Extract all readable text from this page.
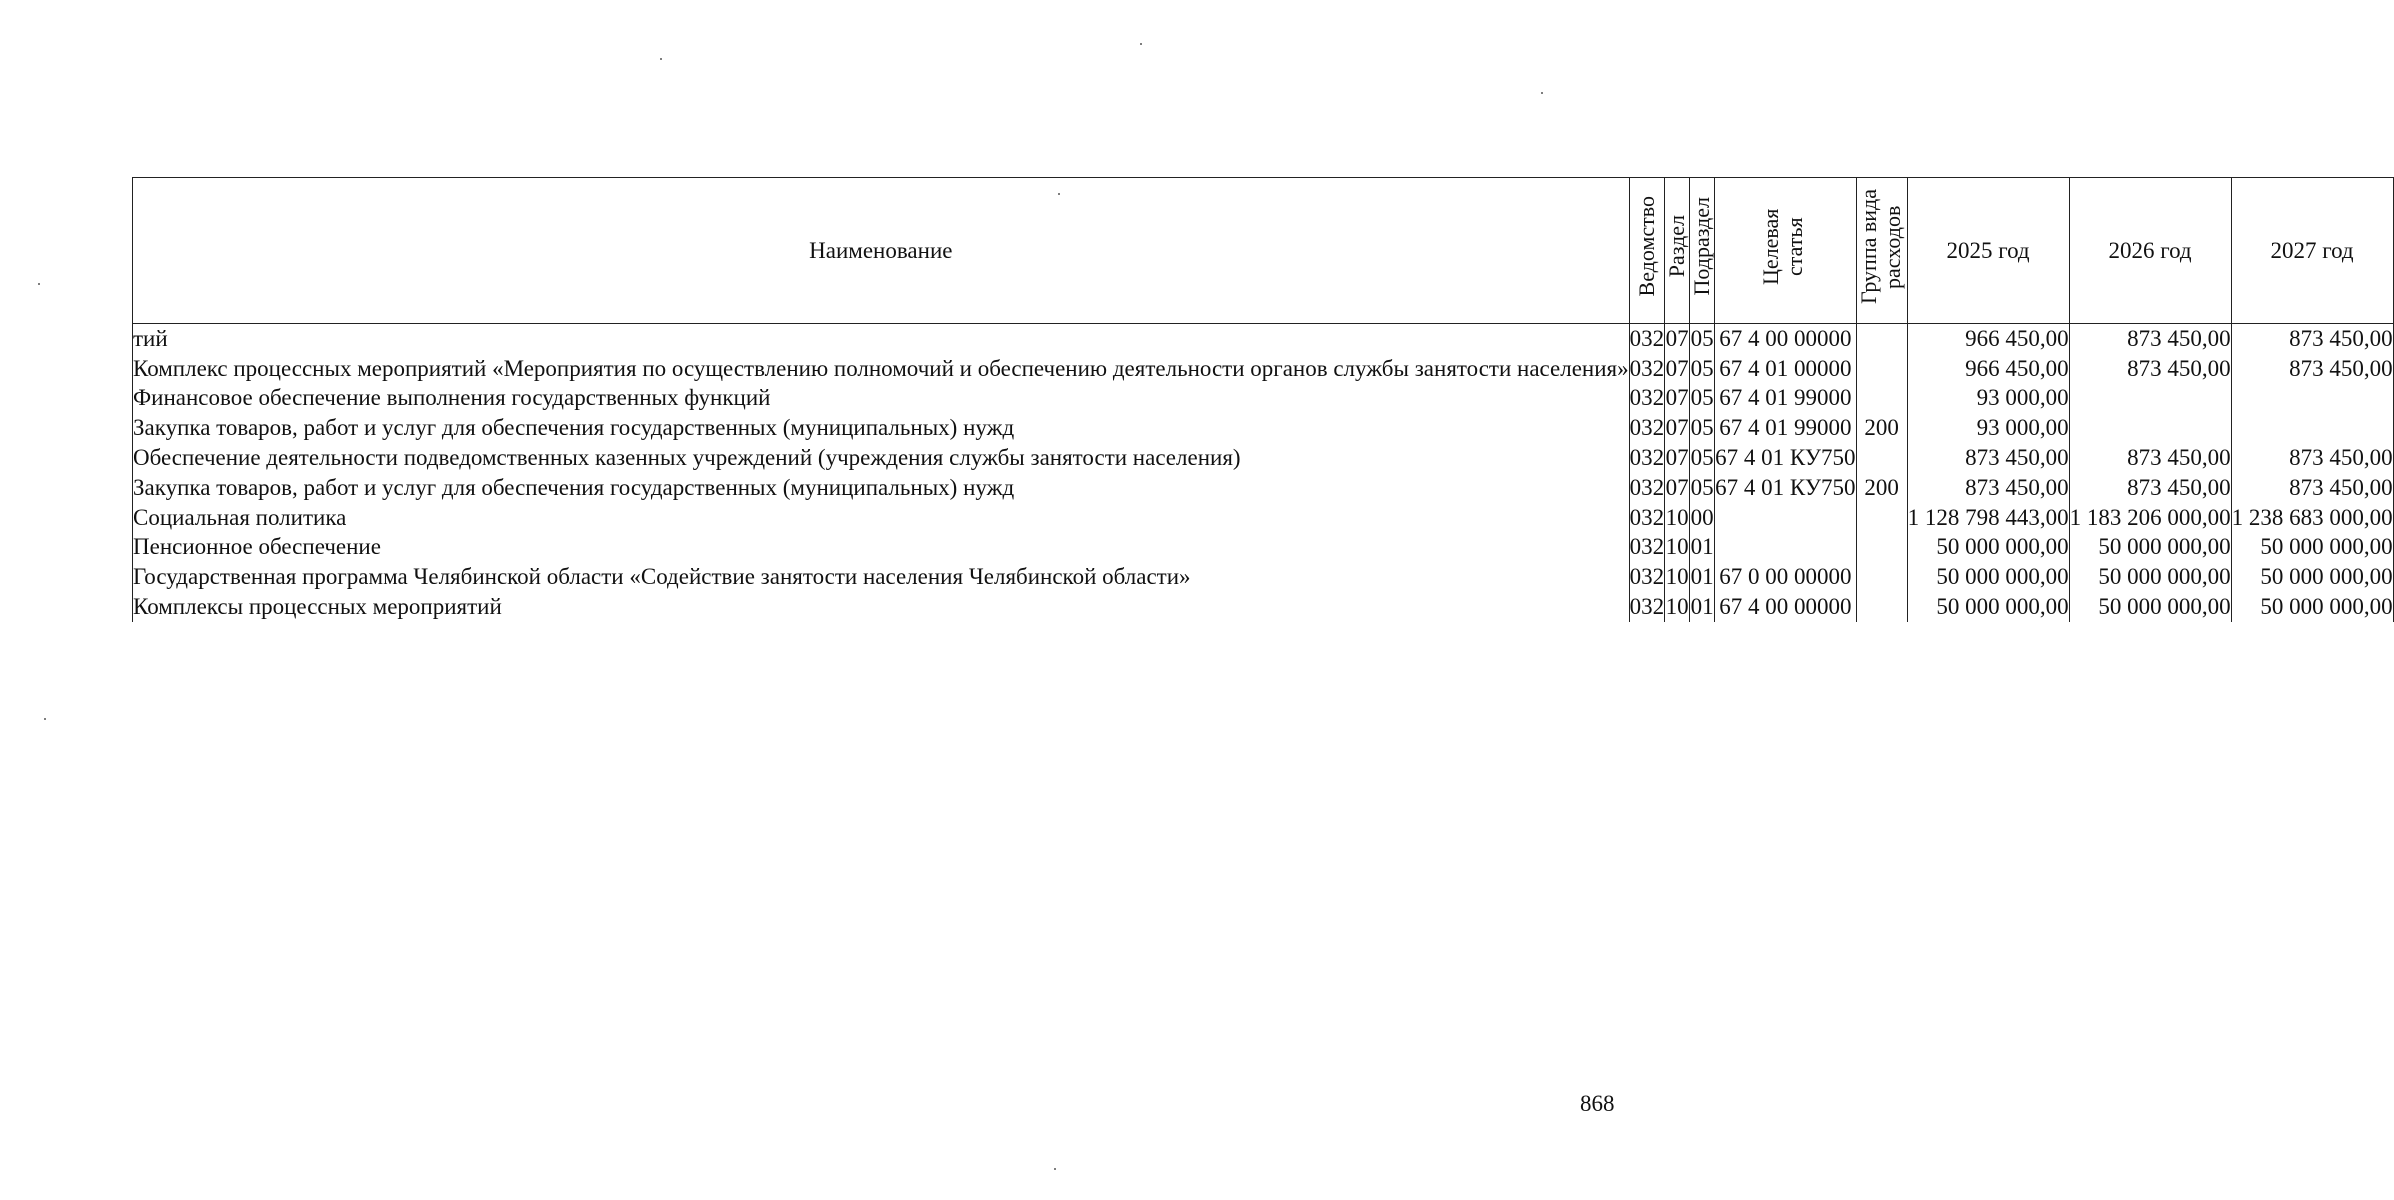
Наименование	Ведомство	Раздел	Подраздел	Целевая статья	Группа вида расходов	2025 год	2026 год	2027 год
тий	032	07	05	67 4 00 00000		966 450,00	873 450,00	873 450,00
Комплекс процессных мероприятий «Мероприятия по осуществлению полномочий и обеспечению деятельности органов службы занятости населения»	032	07	05	67 4 01 00000		966 450,00	873 450,00	873 450,00
Финансовое обеспечение выполнения государственных функций	032	07	05	67 4 01 99000		93 000,00		
Закупка товаров, работ и услуг для обеспечения государственных (муниципальных) нужд	032	07	05	67 4 01 99000	200	93 000,00		
Обеспечение деятельности подведомственных казенных учреждений (учреждения службы занятости населения)	032	07	05	67 4 01 КУ750		873 450,00	873 450,00	873 450,00
Закупка товаров, работ и услуг для обеспечения государственных (муниципальных) нужд	032	07	05	67 4 01 КУ750	200	873 450,00	873 450,00	873 450,00
Социальная политика	032	10	00			1 128 798 443,00	1 183 206 000,00	1 238 683 000,00
Пенсионное обеспечение	032	10	01			50 000 000,00	50 000 000,00	50 000 000,00
Государственная программа Челябинской области «Содействие занятости населения Челябинской области»	032	10	01	67 0 00 00000		50 000 000,00	50 000 000,00	50 000 000,00
Комплексы процессных мероприятий	032	10	01	67 4 00 00000		50 000 000,00	50 000 000,00	50 000 000,00
868
